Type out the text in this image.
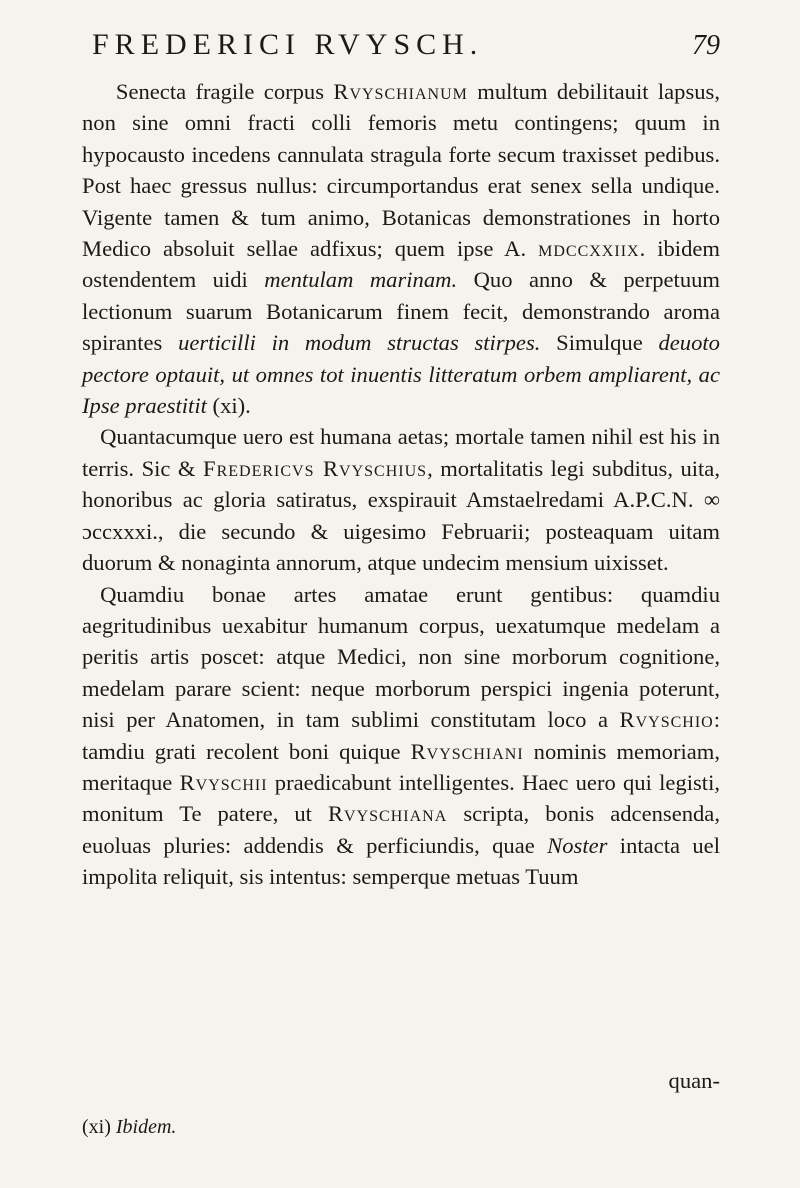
FREDERICI RVYSCH.	79

Senecta fragile corpus Rvyschianum multum debilitauit lapsus, non sine omni fracti colli femoris metu contingens; quum in hypocausto incedens cannulata stragula forte secum traxisset pedibus. Post haec gressus nullus: circumportandus erat senex sella undique. Vigente tamen & tum animo, Botanicas demonstrationes in horto Medico absoluit sellae adfixus; quem ipse A. mdccxxiix. ibidem ostendentem uidi mentulam marinam. Quo anno & perpetuum lectionum suarum Botanicarum finem fecit, demonstrando aroma spirantes uerticilli in modum structas stirpes. Simulque deuoto pectore optauit, ut omnes tot inuentis litteratum orbem ampliarent, ac Ipse praestitit (xi).

Quantacumque uero est humana aetas; mortale tamen nihil est his in terris. Sic & Fredericvs Rvyschius, mortalitatis legi subditus, uita, honoribus ac gloria satiratus, exspirauit Amstaelredami A.P.C.N. ∞ ɔccxxxi., die secundo & uigesimo Februarii; posteaquam uitam duorum & nonaginta annorum, atque undecim mensium uixisset.

Quamdiu bonae artes amatae erunt gentibus: quamdiu aegritudinibus uexabitur humanum corpus, uexatumque medelam a peritis artis poscet: atque Medici, non sine morborum cognitione, medelam parare scient: neque morborum perspici ingenia poterunt, nisi per Anatomen, in tam sublimi constitutam loco a Rvyschio: tamdiu grati recolent boni quique Rvyschiani nominis memoriam, meritaque Rvyschii praedicabunt intelligentes. Haec uero qui legisti, monitum Te patere, ut Rvyschiana scripta, bonis adcensenda, euoluas pluries: addendis & perficiundis, quae Noster intacta uel impolita reliquit, sis intentus: semperque metuas Tuum

quan-
(xi) Ibidem.
